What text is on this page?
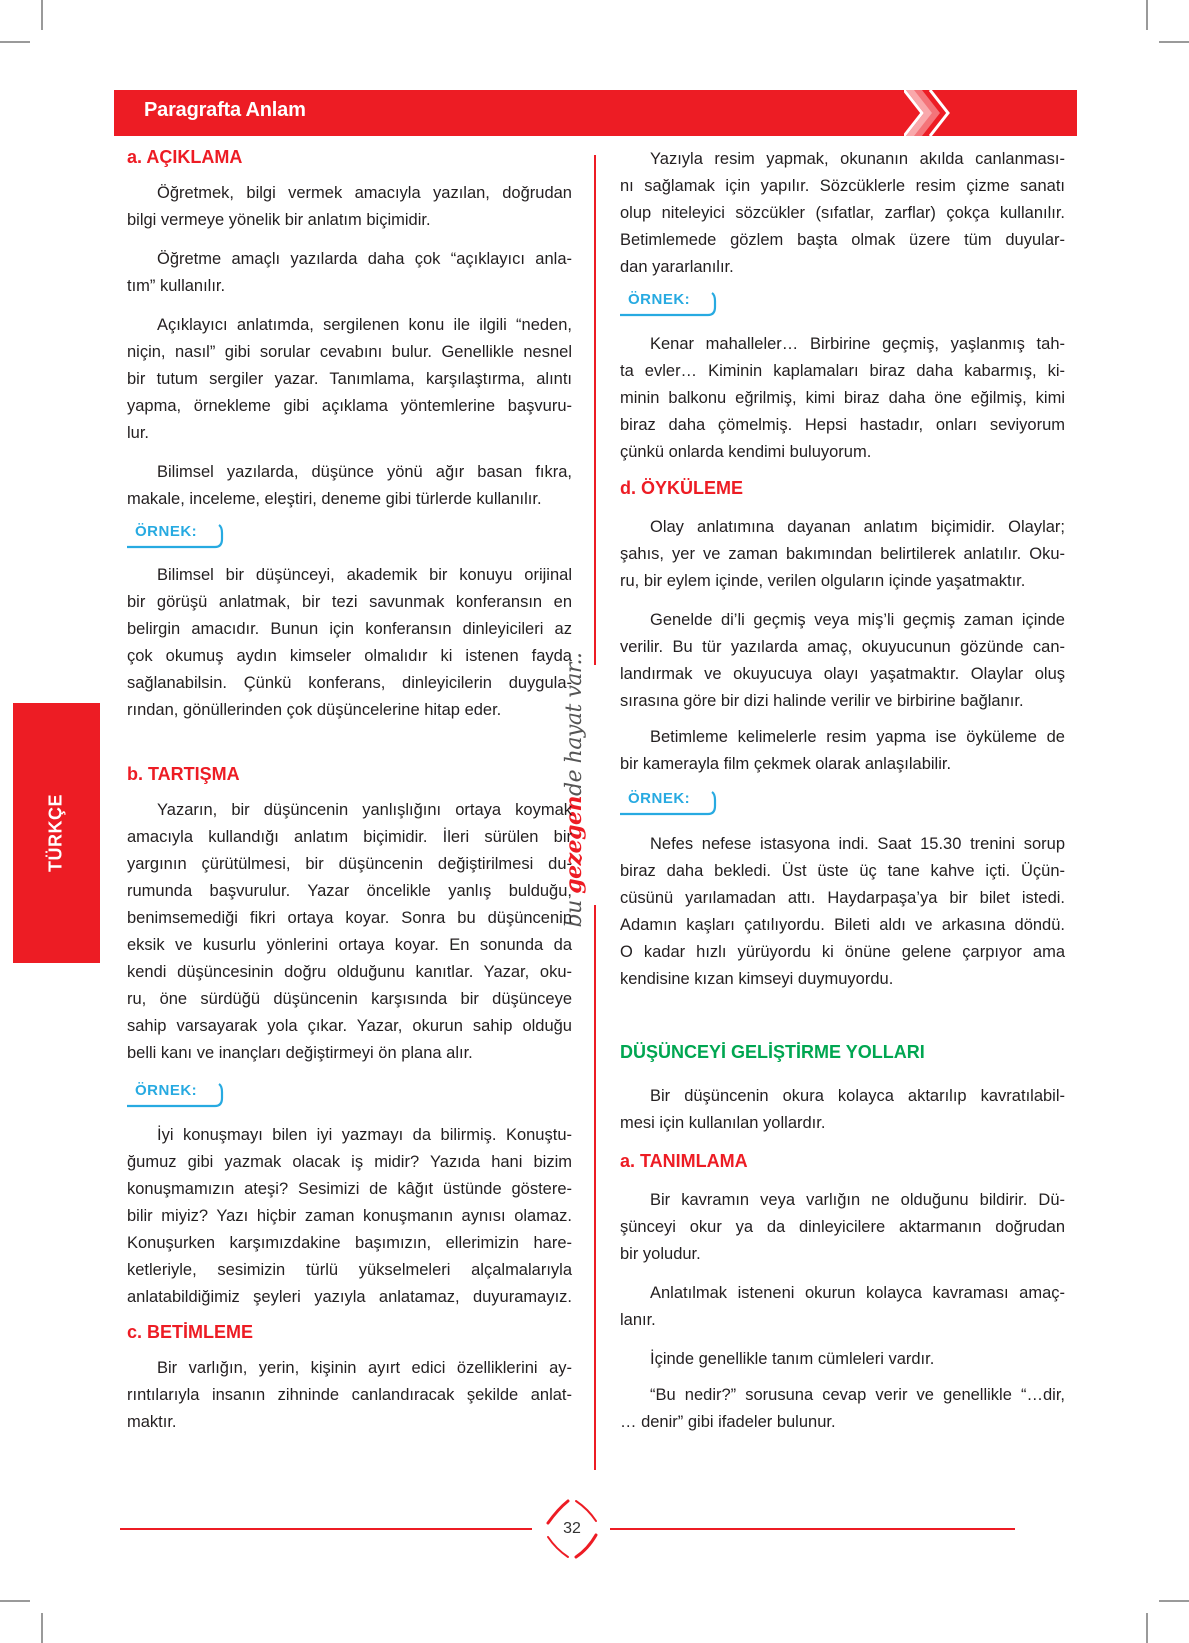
Paragrafta Anlam
TÜRKÇE
bu gezegende hayat var..
a. AÇIKLAMA
Öğretmek, bilgi vermek amacıyla yazılan, doğrudan
bilgi vermeye yönelik bir anlatım biçimidir.
Öğretme amaçlı yazılarda daha çok “açıklayıcı anla-
tım” kullanılır.
Açıklayıcı anlatımda, sergilenen konu ile ilgili “neden,
niçin, nasıl” gibi sorular cevabını bulur. Genellikle nesnel
bir tutum sergiler yazar. Tanımlama, karşılaştırma, alıntı
yapma, örnekleme gibi açıklama yöntemlerine başvuru-
lur.
Bilimsel yazılarda, düşünce yönü ağır basan fıkra,
makale, inceleme, eleştiri, deneme gibi türlerde kullanılır.
ÖRNEK:
Bilimsel bir düşünceyi, akademik bir konuyu orijinal
bir görüşü anlatmak, bir tezi savunmak konferansın en
belirgin amacıdır. Bunun için konferansın dinleyicileri az
çok okumuş aydın kimseler olmalıdır ki istenen fayda
sağlanabilsin. Çünkü konferans, dinleyicilerin duygula-
rından, gönüllerinden çok düşüncelerine hitap eder.
b. TARTIŞMA
Yazarın, bir düşüncenin yanlışlığını ortaya koymak
amacıyla kullandığı anlatım biçimidir. İleri sürülen bir
yargının çürütülmesi, bir düşüncenin değiştirilmesi du-
rumunda başvurulur. Yazar öncelikle yanlış bulduğu,
benimsemediği fikri ortaya koyar. Sonra bu düşüncenin
eksik ve kusurlu yönlerini ortaya koyar. En sonunda da
kendi düşüncesinin doğru olduğunu kanıtlar. Yazar, oku-
ru, öne sürdüğü düşüncenin karşısında bir düşünceye
sahip varsayarak yola çıkar. Yazar, okurun sahip olduğu
belli kanı ve inançları değiştirmeyi ön plana alır.
ÖRNEK:
İyi konuşmayı bilen iyi yazmayı da bilirmiş. Konuştu-
ğumuz gibi yazmak olacak iş midir? Yazıda hani bizim
konuşmamızın ateşi? Sesimizi de kâğıt üstünde göstere-
bilir miyiz? Yazı hiçbir zaman konuşmanın aynısı olamaz.
Konuşurken karşımızdakine başımızın, ellerimizin hare-
ketleriyle, sesimizin türlü yükselmeleri alçalmalarıyla
anlatabildiğimiz şeyleri yazıyla anlatamaz, duyuramayız.
c. BETİMLEME
Bir varlığın, yerin, kişinin ayırt edici özelliklerini ay-
rıntılarıyla insanın zihninde canlandıracak şekilde anlat-
maktır.
Yazıyla resim yapmak, okunanın akılda canlanması-
nı sağlamak için yapılır. Sözcüklerle resim çizme sanatı
olup niteleyici sözcükler (sıfatlar, zarflar) çokça kullanılır.
Betimlemede gözlem başta olmak üzere tüm duyular-
dan yararlanılır.
ÖRNEK:
Kenar mahalleler… Birbirine geçmiş, yaşlanmış tah-
ta evler… Kiminin kaplamaları biraz daha kabarmış, ki-
minin balkonu eğrilmiş, kimi biraz daha öne eğilmiş, kimi
biraz daha çömelmiş. Hepsi hastadır, onları seviyorum
çünkü onlarda kendimi buluyorum.
d. ÖYKÜLEME
Olay anlatımına dayanan anlatım biçimidir. Olaylar;
şahıs, yer ve zaman bakımından belirtilerek anlatılır. Oku-
ru, bir eylem içinde, verilen olguların içinde yaşatmaktır.
Genelde di’li geçmiş veya miş’li geçmiş zaman içinde
verilir. Bu tür yazılarda amaç, okuyucunun gözünde can-
landırmak ve okuyucuya olayı yaşatmaktır. Olaylar oluş
sırasına göre bir dizi halinde verilir ve birbirine bağlanır.
Betimleme kelimelerle resim yapma ise öyküleme de
bir kamerayla film çekmek olarak anlaşılabilir.
ÖRNEK:
Nefes nefese istasyona indi. Saat 15.30 trenini sorup
biraz daha bekledi. Üst üste üç tane kahve içti. Üçün-
cüsünü yarılamadan attı. Haydarpaşa’ya bir bilet istedi.
Adamın kaşları çatılıyordu. Bileti aldı ve arkasına döndü.
O kadar hızlı yürüyordu ki önüne gelene çarpıyor ama
kendisine kızan kimseyi duymuyordu.
DÜŞÜNCEYİ GELİŞTİRME YOLLARI
Bir düşüncenin okura kolayca aktarılıp kavratılabil-
mesi için kullanılan yollardır.
a. TANIMLAMA
Bir kavramın veya varlığın ne olduğunu bildirir. Dü-
şünceyi okur ya da dinleyicilere aktarmanın doğrudan
bir yoludur.
Anlatılmak isteneni okurun kolayca kavraması amaç-
lanır.
İçinde genellikle tanım cümleleri vardır.
“Bu nedir?” sorusuna cevap verir ve genellikle “…dir,
… denir” gibi ifadeler bulunur.
32
